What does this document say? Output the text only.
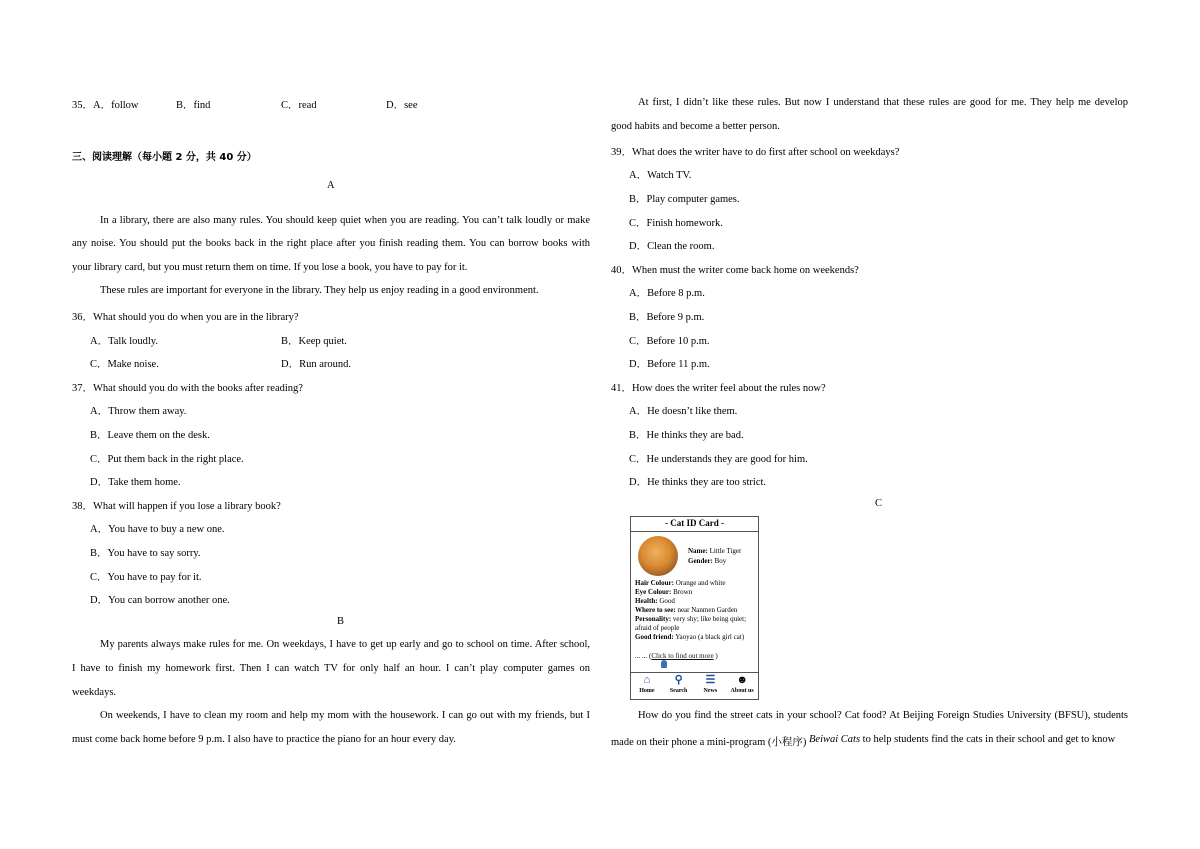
35．A．follow	B．find	C．read	D．see
三、阅读理解（每小题 2 分，共 40 分）
A
In a library, there are also many rules. You should keep quiet when you are reading. You can’t talk loudly or make
any noise. You should put the books back in the right place after you finish reading them. You can borrow books with
your library card, but you must return them on time. If you lose a book, you have to pay for it.
These rules are important for everyone in the library. They help us enjoy reading in a good environment.
36．What should you do when you are in the library?
A．Talk loudly.	B．Keep quiet.
C．Make noise.	D．Run around.
37．What should you do with the books after reading?
A．Throw them away.
B．Leave them on the desk.
C．Put them back in the right place.
D．Take them home.
38．What will happen if you lose a library book?
A．You have to buy a new one.
B．You have to say sorry.
C．You have to pay for it.
D．You can borrow another one.
B
My parents always make rules for me. On weekdays, I have to get up early and go to school on time. After school,
I have to finish my homework first. Then I can watch TV for only half an hour. I can’t play computer games on
weekdays.
On weekends, I have to clean my room and help my mom with the housework. I can go out with my friends, but I
must come back home before 9 p.m. I also have to practice the piano for an hour every day.
At first, I didn’t like these rules. But now I understand that these rules are good for me. They help me develop
good habits and become a better person.
39．What does the writer have to do first after school on weekdays?
A．Watch TV.
B．Play computer games.
C．Finish homework.
D．Clean the room.
40．When must the writer come back home on weekends?
A．Before 8 p.m.
B．Before 9 p.m.
C．Before 10 p.m.
D．Before 11 p.m.
41．How does the writer feel about the rules now?
A．He doesn’t like them.
B．He thinks they are bad.
C．He understands they are good for him.
D．He thinks they are too strict.
C
- Cat ID Card -
Name: Little Tiger
Gender: Boy
Hair Colour: Orange and white
Eye Colour: Brown
Health: Good
Where to see: near Nanmen Garden
Personality: very shy; like being quiet; afraid of people
Good friend: Yaoyao (a black girl cat)
... ... (Click to find out more )
⌂
Home
⚲
Search
☰
News
☻
About us
How do you find the street cats in your school? Cat food? At Beijing Foreign Studies University (BFSU), students
made on their phone a mini-program (小程序) Beiwai Cats to help students find the cats in their school and get to know
